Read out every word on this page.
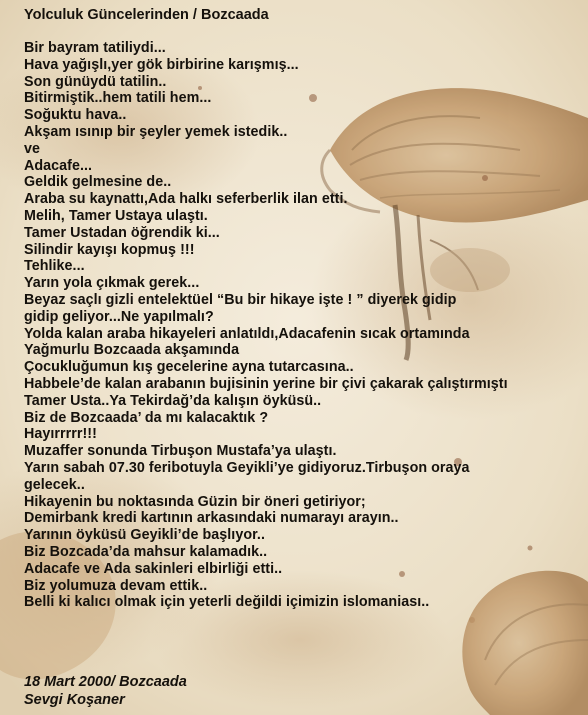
Yolculuk Güncelerinden / Bozcaada
Bir bayram tatiliydi...
Hava yağışlı,yer gök birbirine karışmış...
Son günüydü tatilin..
Bitirmiştik..hem tatili hem...
Soğuktu hava..
Akşam ısınıp bir şeyler yemek istedik..
ve
Adacafe...
Geldik gelmesine de..
Araba su kaynattı,Ada halkı seferberlik ilan etti.
Melih, Tamer Ustaya ulaştı.
Tamer Ustadan öğrendik ki...
Silindir kayışı kopmuş !!!
Tehlike...
Yarın yola çıkmak gerek...
Beyaz saçlı gizli entelektüel “Bu bir hikaye işte ! ” diyerek gidip
gidip geliyor...Ne yapılmalı?
Yolda kalan araba hikayeleri anlatıldı,Adacafenin sıcak ortamında
Yağmurlu Bozcaada akşamında
Çocukluğumun kış gecelerine ayna tutarcasına..
Habbele’de kalan arabanın bujisinin yerine bir çivi çakarak çalıştırmıştı
Tamer Usta..Ya Tekirdağ’da kalışın öyküsü..
Biz de Bozcaada’ da mı kalacaktık ?
Hayırrrrr!!!
Muzaffer sonunda Tirbuşon Mustafa’ya ulaştı.
Yarın sabah 07.30 feribotuyla Geyikli’ye gidiyoruz.Tirbuşon oraya
gelecek..
Hikayenin bu noktasında Güzin bir öneri getiriyor;
Demirbank kredi kartının arkasındaki numarayı arayın..
Yarının öyküsü Geyikli’de başlıyor..
Biz Bozcada’da mahsur kalamadık..
Adacafe ve Ada sakinleri elbirliği etti..
Biz yolumuza devam ettik..
Belli ki kalıcı olmak için yeterli değildi içimizin islomaniası..
18 Mart 2000/ Bozcaada
Sevgi Koşaner
